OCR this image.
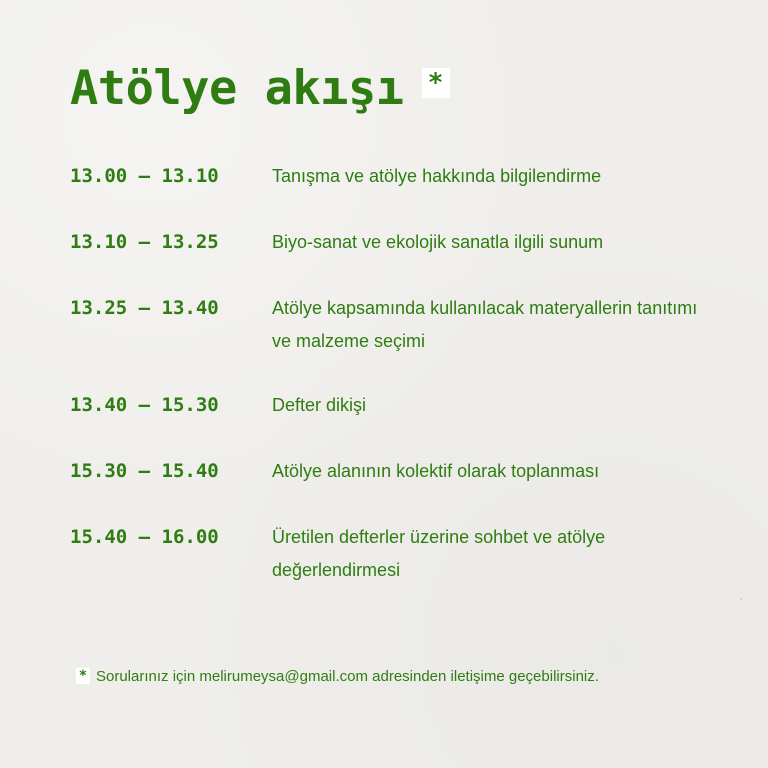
Atölye akışı *
13.00 – 13.10	Tanışma ve atölye hakkında bilgilendirme
13.10 – 13.25	Biyo-sanat ve ekolojik sanatla ilgili sunum
13.25 – 13.40	Atölye kapsamında kullanılacak materyallerin tanıtımı ve malzeme seçimi
13.40 – 15.30	Defter dikişi
15.30 – 15.40	Atölye alanının kolektif olarak toplanması
15.40 – 16.00	Üretilen defterler üzerine sohbet ve atölye değerlendirmesi
* Sorularınız için melirumeysa@gmail.com adresinden iletişime geçebilirsiniz.
